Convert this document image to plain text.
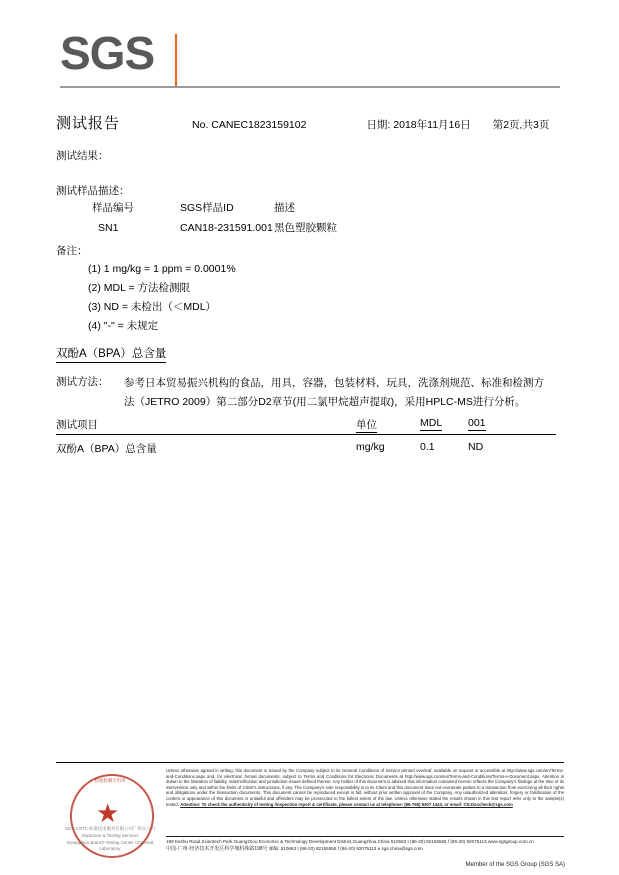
SGS
测试报告	No. CANEC1823159102	日期: 2018年11月16日 第2页,共3页
测试结果：
测试样品描述：
样品编号	SGS样品ID	描述
SN1	CAN18-231591.001	黑色塑胶颗粒
备注：
(1) 1 mg/kg = 1 ppm = 0.0001%
(2) MDL = 方法检测限
(3) ND = 未检出（＜MDL）
(4) "-" = 未规定
双酚A（BPA）总含量
测试方法： 参考日本贸易振兴机构的食品，用具，容器，包装材料，玩具，洗涤剂规范、标准和检测方法（JETRO 2009）第二部分D2章节(用二氯甲烷超声提取)，采用HPLC-MS进行分析。
测试项目	单位	MDL	001
双酚A（BPA）总含量	mg/kg	0.1	ND
★
检验检测专用章
SGS-CSTC 标准技术服务有限公司广州分公司
Inspection & Testing Services
Guangzhou Branch Testing Center Chemical Laboratory
Unless otherwise agreed in writing, this document is issued by the Company subject to its General Conditions of Service printed overleaf, available on request or accessible at http://www.sgs.com/en/Terms-and-Conditions.aspx and, for electronic format documents, subject to Terms and Conditions for Electronic Documents at http://www.sgs.com/en/Terms-and-Conditions/Terms-e-Document.aspx. Attention is drawn to the limitation of liability, indemnification and jurisdiction issues defined therein. Any holder of this document is advised that information contained hereon reflects the Company's findings at the time of its intervention only and within the limits of Client's instructions, if any. The Company's sole responsibility is to its Client and this document does not exonerate parties to a transaction from exercising all their rights and obligations under the transaction documents. This document cannot be reproduced except in full, without prior written approval of the Company. Any unauthorized alteration, forgery or falsification of the content or appearance of this document is unlawful and offenders may be prosecuted to the fullest extent of the law. Unless otherwise stated the results shown in this test report refer only to the sample(s) tested. Attention: To check the authenticity of testing /inspection report & certificate, please contact us at telephone: (86-755) 8307 1443, or email: CN.Doccheck@sgs.com
198 Kezhu Road,Scientech Park Guangzhou Economic & Technology Development District,Guangzhou,China 510663 t (86-20) 82155555 f (86-20) 82075113 www.sgsgroup.com.cn
中国·广州·经济技术开发区科学城科珠路198号 邮编: 510663 t (86-20) 82155555 f (86-20) 82075113 e sgs.china@sgs.com
Member of the SGS Group (SGS SA)
